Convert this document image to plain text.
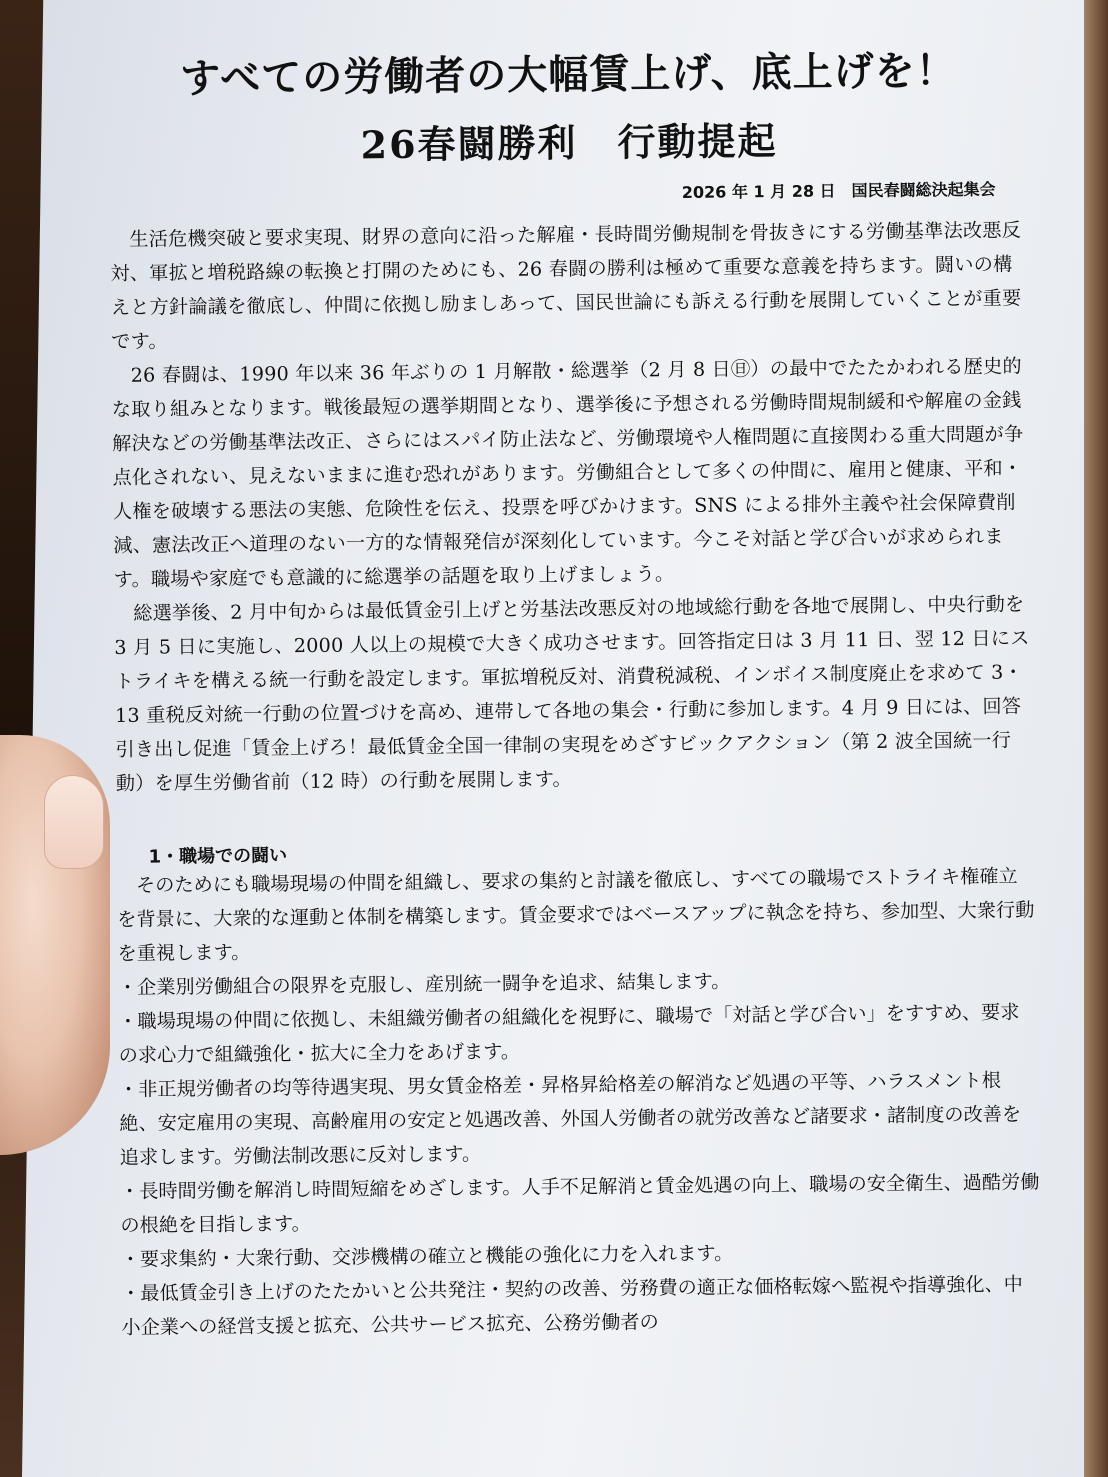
すべての労働者の大幅賃上げ、底上げを！
26春闘勝利　行動提起
2026 年 1 月 28 日　国民春闘総決起集会

生活危機突破と要求実現、財界の意向に沿った解雇・長時間労働規制を骨抜きにする労働基準法改悪反対、軍拡と増税路線の転換と打開のためにも、26 春闘の勝利は極めて重要な意義を持ちます。闘いの構えと方針論議を徹底し、仲間に依拠し励ましあって、国民世論にも訴える行動を展開していくことが重要です。

26 春闘は、1990 年以来 36 年ぶりの 1 月解散・総選挙（2 月 8 日㊐）の最中でたたかわれる歴史的な取り組みとなります。戦後最短の選挙期間となり、選挙後に予想される労働時間規制緩和や解雇の金銭解決などの労働基準法改正、さらにはスパイ防止法など、労働環境や人権問題に直接関わる重大問題が争点化されない、見えないままに進む恐れがあります。労働組合として多くの仲間に、雇用と健康、平和・人権を破壊する悪法の実態、危険性を伝え、投票を呼びかけます。SNS による排外主義や社会保障費削減、憲法改正へ道理のない一方的な情報発信が深刻化しています。今こそ対話と学び合いが求められます。職場や家庭でも意識的に総選挙の話題を取り上げましょう。

総選挙後、2 月中旬からは最低賃金引上げと労基法改悪反対の地域総行動を各地で展開し、中央行動を 3 月 5 日に実施し、2000 人以上の規模で大きく成功させます。回答指定日は 3 月 11 日、翌 12 日にストライキを構える統一行動を設定します。軍拡増税反対、消費税減税、インボイス制度廃止を求めて 3・13 重税反対統一行動の位置づけを高め、連帯して各地の集会・行動に参加します。4 月 9 日には、回答引き出し促進「賃金上げろ！最低賃金全国一律制の実現をめざすビックアクション（第 2 波全国統一行動）を厚生労働省前（12 時）の行動を展開します。

1・職場での闘い

そのためにも職場現場の仲間を組織し、要求の集約と討議を徹底し、すべての職場でストライキ権確立を背景に、大衆的な運動と体制を構築します。賃金要求ではベースアップに執念を持ち、参加型、大衆行動を重視します。

・企業別労働組合の限界を克服し、産別統一闘争を追求、結集します。

・職場現場の仲間に依拠し、未組織労働者の組織化を視野に、職場で「対話と学び合い」をすすめ、要求の求心力で組織強化・拡大に全力をあげます。

・非正規労働者の均等待遇実現、男女賃金格差・昇格昇給格差の解消など処遇の平等、ハラスメント根絶、安定雇用の実現、高齢雇用の安定と処遇改善、外国人労働者の就労改善など諸要求・諸制度の改善を追求します。労働法制改悪に反対します。

・長時間労働を解消し時間短縮をめざします。人手不足解消と賃金処遇の向上、職場の安全衛生、過酷労働の根絶を目指します。

・要求集約・大衆行動、交渉機構の確立と機能の強化に力を入れます。

・最低賃金引き上げのたたかいと公共発注・契約の改善、労務費の適正な価格転嫁へ監視や指導強化、中小企業への経営支援と拡充、公共サービス拡充、公務労働者の
